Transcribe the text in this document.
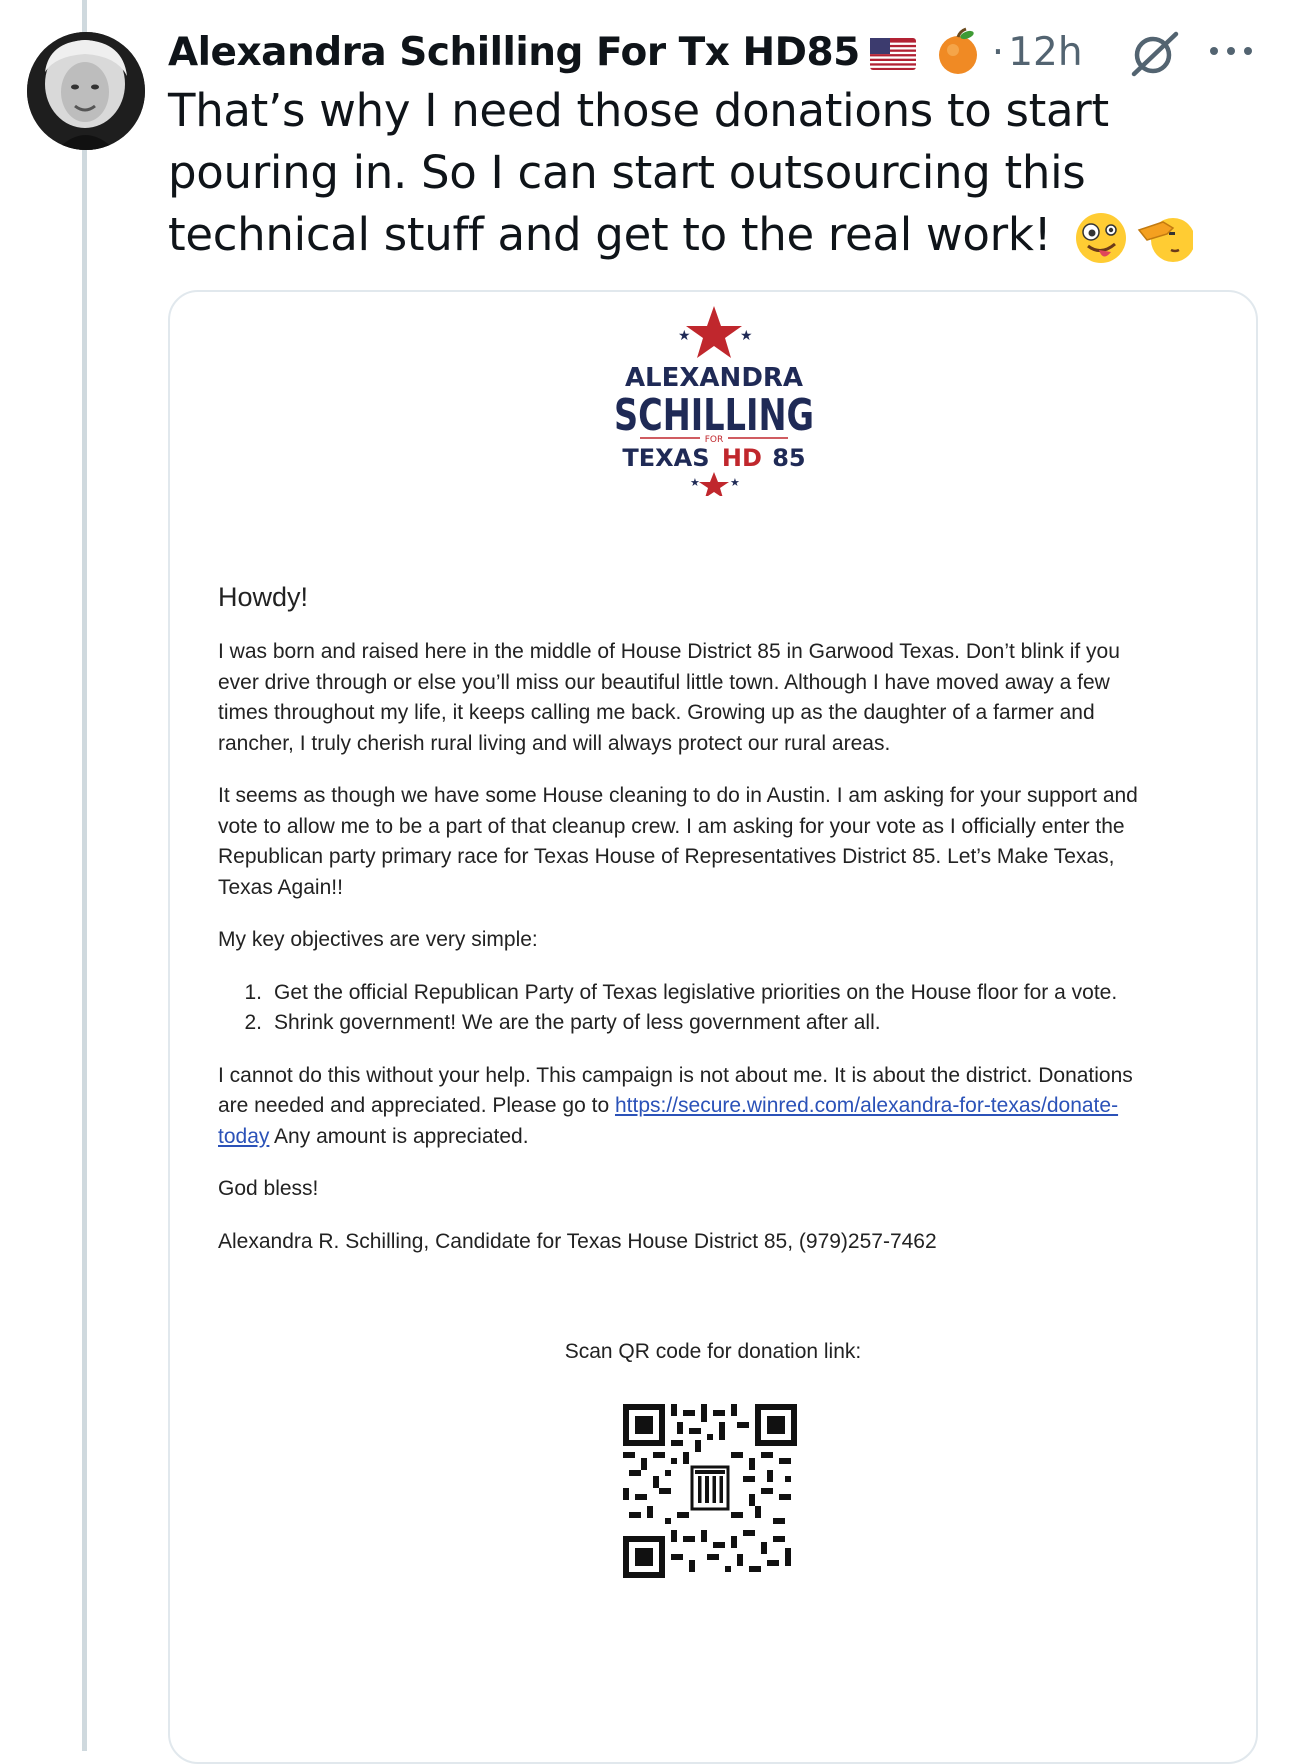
Alexandra Schilling For Tx HD85	· 12h
That’s why I need those donations to start
pouring in. So I can start outsourcing this
technical stuff and get to the real work!
★	★
ALEXANDRA
SCHILLING
FOR
TEXAS HD 85
★	★

Howdy!

I was born and raised here in the middle of House District 85 in Garwood Texas. Don’t blink if you
ever drive through or else you’ll miss our beautiful little town. Although I have moved away a few
times throughout my life, it keeps calling me back. Growing up as the daughter of a farmer and
rancher, I truly cherish rural living and will always protect our rural areas.

It seems as though we have some House cleaning to do in Austin. I am asking for your support and
vote to allow me to be a part of that cleanup crew. I am asking for your vote as I officially enter the
Republican party primary race for Texas House of Representatives District 85. Let’s Make Texas,
Texas Again!!

My key objectives are very simple:

1. Get the official Republican Party of Texas legislative priorities on the House floor for a vote.
2. Shrink government! We are the party of less government after all.

I cannot do this without your help. This campaign is not about me. It is about the district. Donations
are needed and appreciated. Please go to https://secure.winred.com/alexandra-for-texas/donate-
today Any amount is appreciated.

God bless!

Alexandra R. Schilling, Candidate for Texas House District 85, (979)257-7462

Scan QR code for donation link:
